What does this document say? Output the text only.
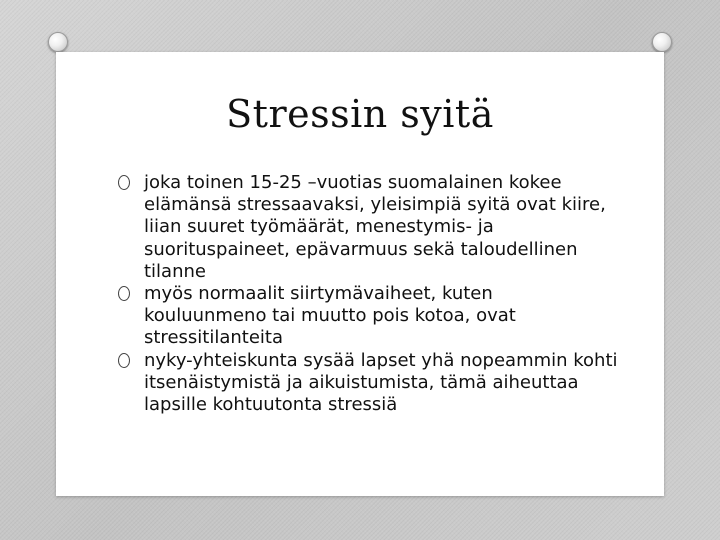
Stressin syitä
joka toinen 15-25 –vuotias suomalainen kokee elämänsä stressaavaksi, yleisimpiä syitä ovat kiire, liian suuret työmäärät, menestymis- ja suorituspaineet, epävarmuus sekä taloudellinen tilanne
myös normaalit siirtymävaiheet, kuten kouluunmeno tai muutto pois kotoa, ovat stressitilanteita
nyky-yhteiskunta sysää lapset yhä nopeammin kohti itsenäistymistä ja aikuistumista, tämä aiheuttaa lapsille kohtuutonta stressiä
